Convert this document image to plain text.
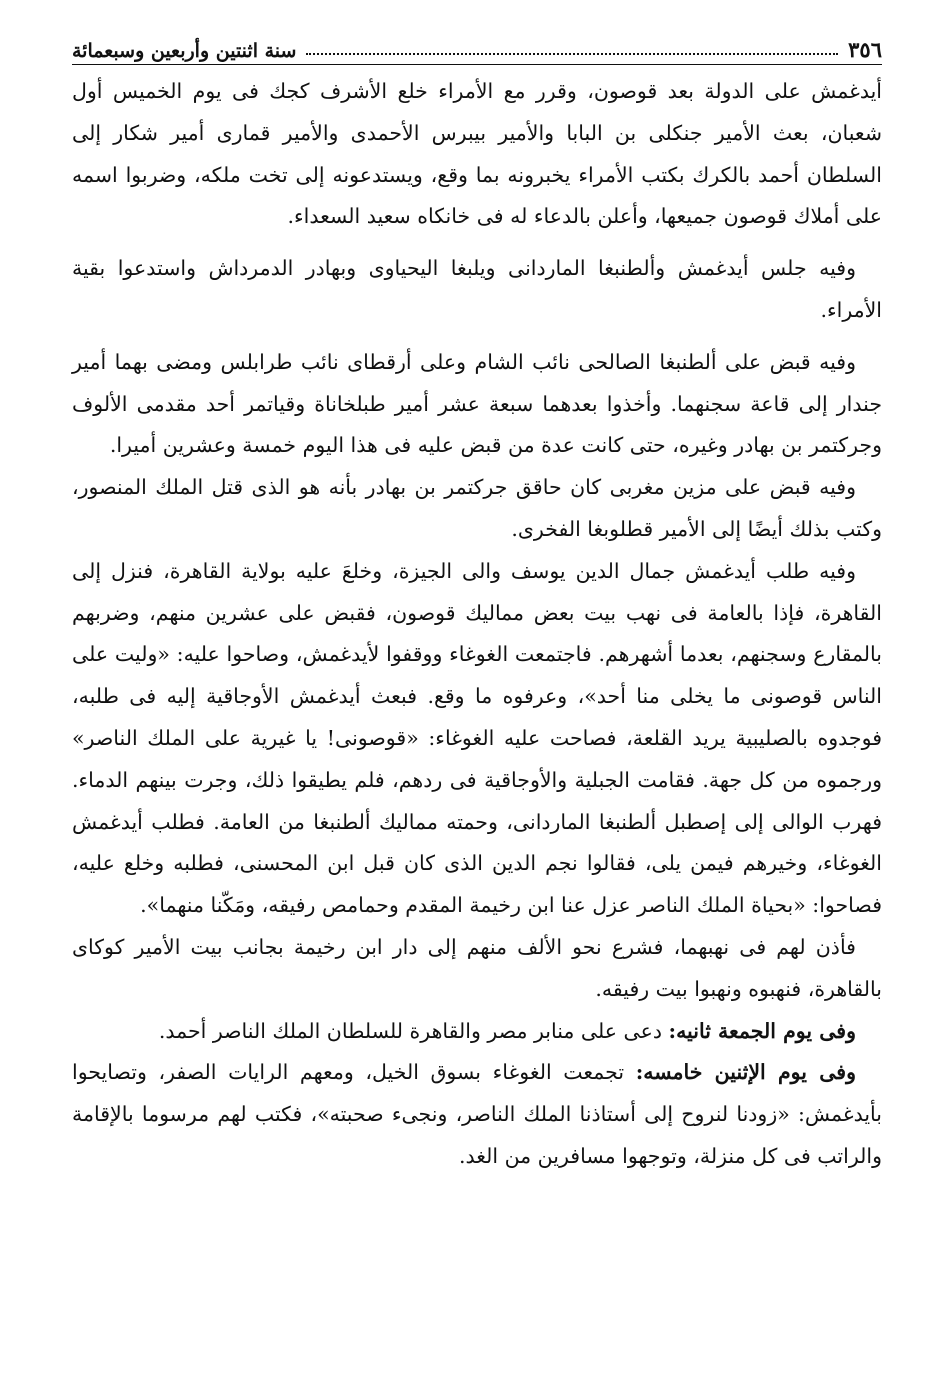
٣٥٦
سنة اثنتين وأربعين وسبعمائة

أيدغمش على الدولة بعد قوصون، وقرر مع الأمراء خلع الأشرف كجك فى يوم الخميس أول شعبان، بعث الأمير جنكلى بن البابا والأمير بيبرس الأحمدى والأمير قمارى أمير شكار إلى السلطان أحمد بالكرك بكتب الأمراء يخبرونه بما وقع، ويستدعونه إلى تخت ملكه، وضربوا اسمه على أملاك قوصون جميعها، وأعلن بالدعاء له فى خانكاه سعيد السعداء.

وفيه جلس أيدغمش وألطنبغا الماردانى ويلبغا اليحياوى وبهادر الدمرداش واستدعوا بقية الأمراء.

وفيه قبض على ألطنبغا الصالحى نائب الشام وعلى أرقطاى نائب طرابلس ومضى بهما أمير جندار إلى قاعة سجنهما. وأخذوا بعدهما سبعة عشر أمير طبلخاناة وقياتمر أحد مقدمى الألوف وجركتمر بن بهادر وغيره، حتى كانت عدة من قبض عليه فى هذا اليوم خمسة وعشرين أميرا.

وفيه قبض على مزين مغربى كان حاقق جركتمر بن بهادر بأنه هو الذى قتل الملك المنصور، وكتب بذلك أيضًا إلى الأمير قطلوبغا الفخرى.

وفيه طلب أيدغمش جمال الدين يوسف والى الجيزة، وخلعَ عليه بولاية القاهرة، فنزل إلى القاهرة، فإذا بالعامة فى نهب بيت بعض مماليك قوصون، فقبض على عشرين منهم، وضربهم بالمقارع وسجنهم، بعدما أشهرهم. فاجتمعت الغوغاء ووقفوا لأيدغمش، وصاحوا عليه: «وليت على الناس قوصونى ما يخلى منا أحد»، وعرفوه ما وقع. فبعث أيدغمش الأوجاقية إليه فى طلبه، فوجدوه بالصليبية يريد القلعة، فصاحت عليه الغوغاء: «قوصونى! يا غيرية على الملك الناصر» ورجموه من كل جهة. فقامت الجبلية والأوجاقية فى ردهم، فلم يطيقوا ذلك، وجرت بينهم الدماء. فهرب الوالى إلى إصطبل ألطنبغا الماردانى، وحمته مماليك ألطنبغا من العامة. فطلب أيدغمش الغوغاء، وخيرهم فيمن يلى، فقالوا نجم الدين الذى كان قبل ابن المحسنى، فطلبه وخلع عليه، فصاحوا: «بحياة الملك الناصر عزل عنا ابن رخيمة المقدم وحمامص رفيقه، ومَكّنا منهما».

فأذن لهم فى نهبهما، فشرع نحو الألف منهم إلى دار ابن رخيمة بجانب بيت الأمير كوكاى بالقاهرة، فنهبوه ونهبوا بيت رفيقه.

وفى يوم الجمعة ثانيه: دعى على منابر مصر والقاهرة للسلطان الملك الناصر أحمد.

وفى يوم الإثنين خامسه: تجمعت الغوغاء بسوق الخيل، ومعهم الرايات الصفر، وتصايحوا بأيدغمش: «زودنا لنروح إلى أستاذنا الملك الناصر، ونجىء صحبته»، فكتب لهم مرسوما بالإقامة والراتب فى كل منزلة، وتوجهوا مسافرين من الغد.
